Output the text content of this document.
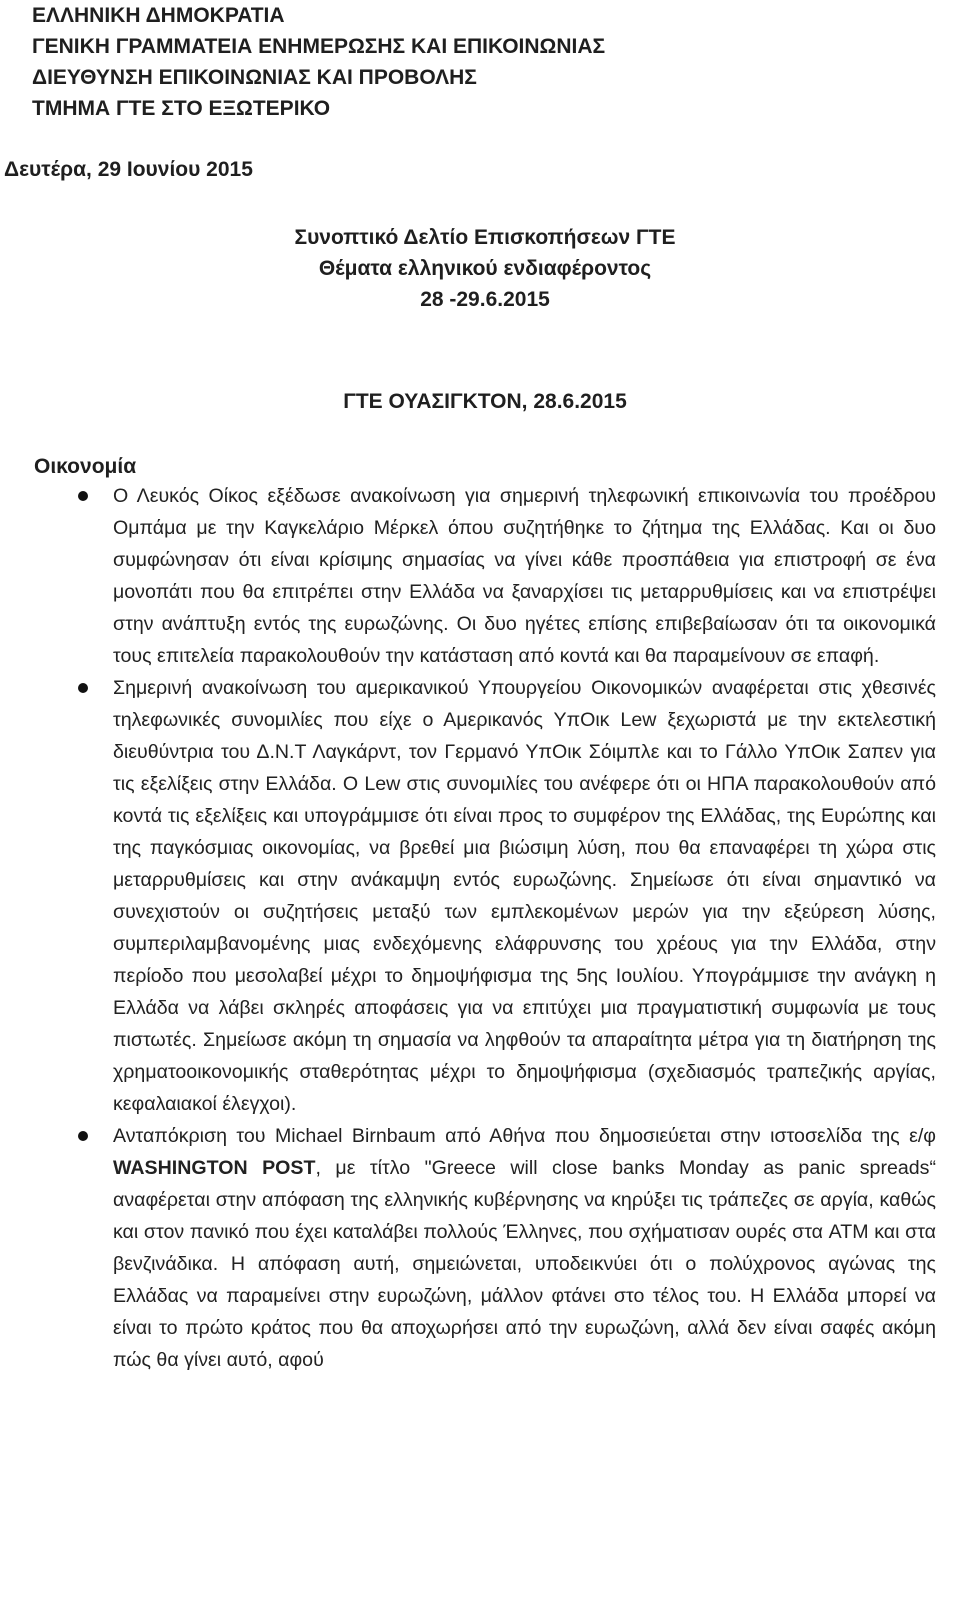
ΕΛΛΗΝΙΚΗ ΔΗΜΟΚΡΑΤΙΑ
ΓΕΝΙΚΗ ΓΡΑΜΜΑΤΕΙΑ ΕΝΗΜΕΡΩΣΗΣ ΚΑΙ ΕΠΙΚΟΙΝΩΝΙΑΣ
ΔΙΕΥΘΥΝΣΗ ΕΠΙΚΟΙΝΩΝΙΑΣ ΚΑΙ ΠΡΟΒΟΛΗΣ
ΤΜΗΜΑ ΓΤΕ ΣΤΟ ΕΞΩΤΕΡΙΚΟ
Δευτέρα, 29 Ιουνίου 2015
Συνοπτικό Δελτίο Επισκοπήσεων ΓΤΕ
Θέματα ελληνικού ενδιαφέροντος
28 -29.6.2015
ΓΤΕ ΟΥΑΣΙΓΚΤΟΝ, 28.6.2015
Οικονομία
Ο Λευκός Οίκος εξέδωσε ανακοίνωση για σημερινή τηλεφωνική επικοινωνία του προέδρου Ομπάμα με την Καγκελάριο Μέρκελ όπου συζητήθηκε το ζήτημα της Ελλάδας. Και οι δυο συμφώνησαν ότι είναι κρίσιμης σημασίας να γίνει κάθε προσπάθεια για επιστροφή σε ένα μονοπάτι που θα επιτρέπει στην Ελλάδα να ξαναρχίσει τις μεταρρυθμίσεις και να επιστρέψει στην ανάπτυξη εντός της ευρωζώνης. Οι δυο ηγέτες επίσης επιβεβαίωσαν ότι τα οικονομικά τους επιτελεία παρακολουθούν την κατάσταση από κοντά και θα παραμείνουν σε επαφή.
Σημερινή ανακοίνωση του αμερικανικού Υπουργείου Οικονομικών αναφέρεται στις χθεσινές τηλεφωνικές συνομιλίες που είχε ο Αμερικανός ΥπΟικ Lew ξεχωριστά με την εκτελεστική διευθύντρια του Δ.Ν.Τ Λαγκάρντ, τον Γερμανό ΥπΟικ Σόιμπλε και το Γάλλο ΥπΟικ Σαπεν για τις εξελίξεις στην Ελλάδα. Ο Lew στις συνομιλίες του ανέφερε ότι οι ΗΠΑ παρακολουθούν από κοντά τις εξελίξεις και υπογράμμισε ότι είναι προς το συμφέρον της Ελλάδας, της Ευρώπης και της παγκόσμιας οικονομίας, να βρεθεί μια βιώσιμη λύση, που θα επαναφέρει τη χώρα στις μεταρρυθμίσεις και στην ανάκαμψη εντός ευρωζώνης. Σημείωσε ότι είναι σημαντικό να συνεχιστούν οι συζητήσεις μεταξύ των εμπλεκομένων μερών για την εξεύρεση λύσης, συμπεριλαμβανομένης μιας ενδεχόμενης ελάφρυνσης του χρέους για την Ελλάδα, στην περίοδο που μεσολαβεί μέχρι το δημοψήφισμα της 5ης Ιουλίου. Υπογράμμισε την ανάγκη η Ελλάδα να λάβει σκληρές αποφάσεις για να επιτύχει μια πραγματιστική συμφωνία με τους πιστωτές. Σημείωσε ακόμη τη σημασία να ληφθούν τα απαραίτητα μέτρα για τη διατήρηση της χρηματοοικονομικής σταθερότητας μέχρι το δημοψήφισμα (σχεδιασμός τραπεζικής αργίας, κεφαλαιακοί έλεγχοι).
Ανταπόκριση του Michael Birnbaum από Αθήνα που δημοσιεύεται στην ιστοσελίδα της ε/φ WASHINGTON POST, με τίτλο "Greece will close banks Monday as panic spreads“ αναφέρεται στην απόφαση της ελληνικής κυβέρνησης να κηρύξει τις τράπεζες σε αργία, καθώς και στον πανικό που έχει καταλάβει πολλούς Έλληνες, που σχήματισαν ουρές στα ATM και στα βενζινάδικα. Η απόφαση αυτή, σημειώνεται, υποδεικνύει ότι ο πολύχρονος αγώνας της Ελλάδας να παραμείνει στην ευρωζώνη, μάλλον φτάνει στο τέλος του. Η Ελλάδα μπορεί να είναι το πρώτο κράτος που θα αποχωρήσει από την ευρωζώνη, αλλά δεν είναι σαφές ακόμη πώς θα γίνει αυτό, αφού
